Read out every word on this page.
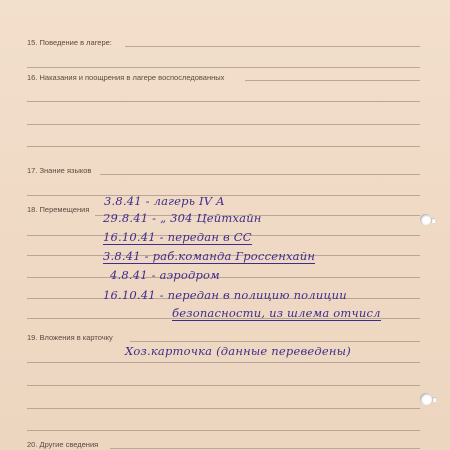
15. Поведение в лагере:
16. Наказания и поощрения в лагере воспоследованных
17. Знание языков
18. Перемещения
3.8.41 - лагерь IV A
29.8.41 - „ 304 Цейтхайн
16.10.41 - передан в СС
3.8.41 - раб.команда Гроссенхайн
4.8.41 - аэродром
16.10.41 - передан в полицию полиции
безопасности, из шлема отчисл
19. Вложения в карточку
Хоз.карточка (данные переведены)
20. Другие сведения
